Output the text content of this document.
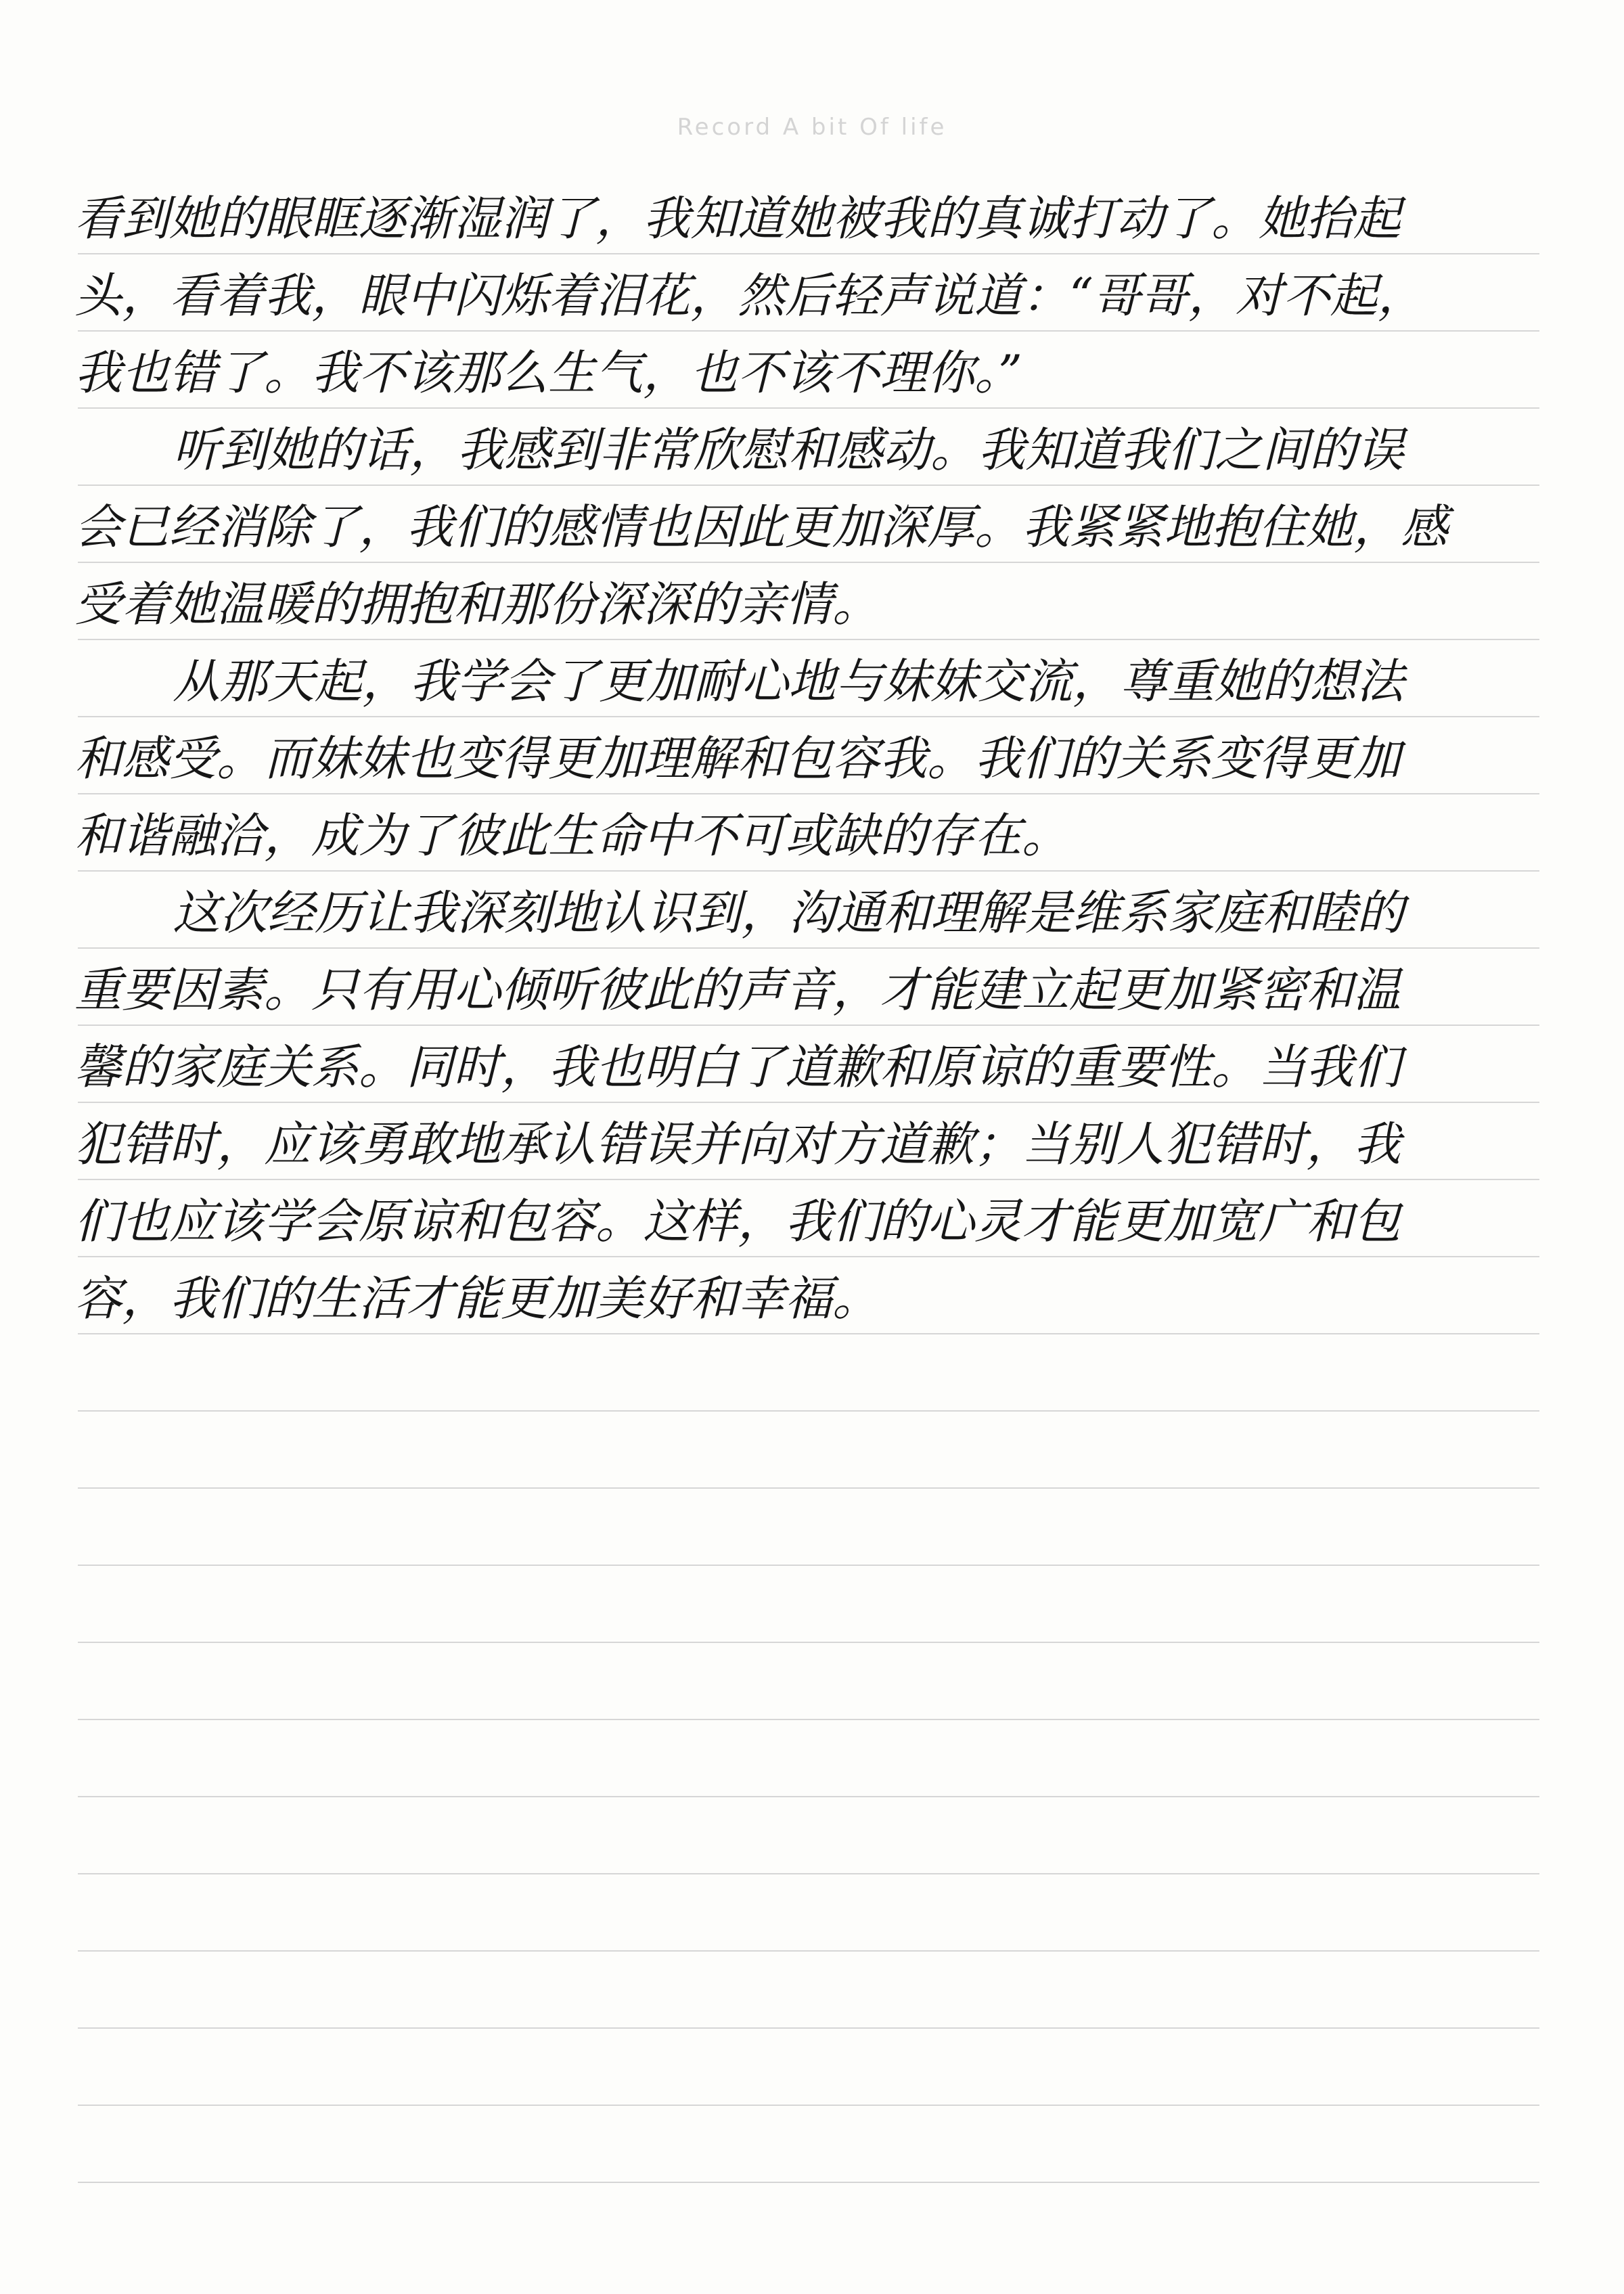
Record A bit Of life
看到她的眼眶逐渐湿润了，我知道她被我的真诚打动了。她抬起
头，看着我，眼中闪烁着泪花，然后轻声说道：“哥哥，对不起，
我也错了。我不该那么生气，也不该不理你。”
听到她的话，我感到非常欣慰和感动。我知道我们之间的误
会已经消除了，我们的感情也因此更加深厚。我紧紧地抱住她，感
受着她温暖的拥抱和那份深深的亲情。
从那天起，我学会了更加耐心地与妹妹交流，尊重她的想法
和感受。而妹妹也变得更加理解和包容我。我们的关系变得更加
和谐融洽，成为了彼此生命中不可或缺的存在。
这次经历让我深刻地认识到，沟通和理解是维系家庭和睦的
重要因素。只有用心倾听彼此的声音，才能建立起更加紧密和温
馨的家庭关系。同时，我也明白了道歉和原谅的重要性。当我们
犯错时，应该勇敢地承认错误并向对方道歉；当别人犯错时，我
们也应该学会原谅和包容。这样，我们的心灵才能更加宽广和包
容，我们的生活才能更加美好和幸福。
